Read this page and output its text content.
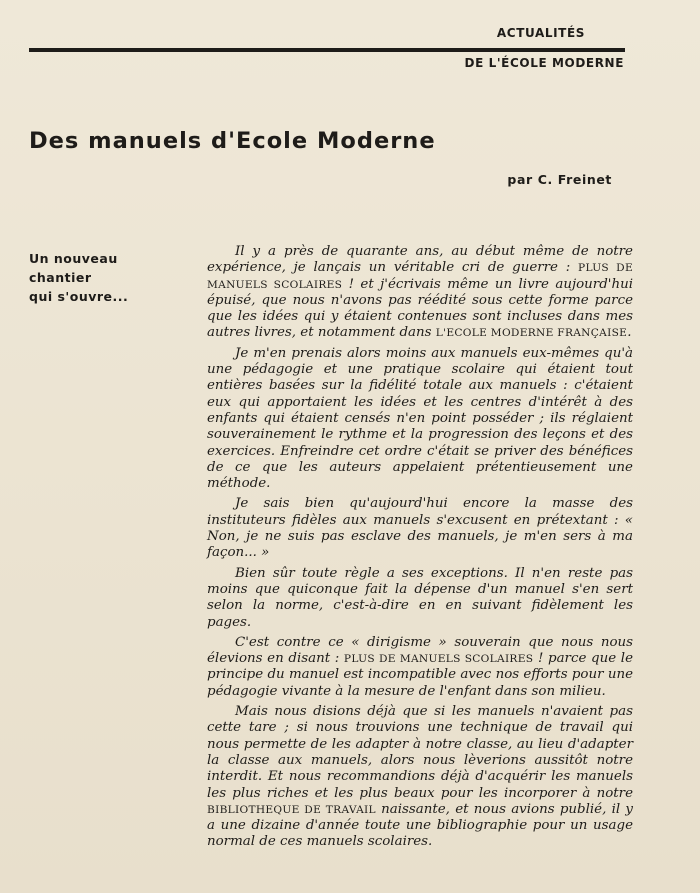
ACTUALITÉS
DE L'ÉCOLE MODERNE
Des manuels d'Ecole Moderne
par C. Freinet
Un nouveau
chantier
qui s'ouvre...

Il y a près de quarante ans, au début même de notre expérience, je lançais un véritable cri de guerre : PLUS DE MANUELS SCOLAIRES ! et j'écrivais même un livre aujourd'hui épuisé, que nous n'avons pas réédité sous cette forme parce que les idées qui y étaient contenues sont incluses dans mes autres livres, et notamment dans L'ECOLE MODERNE FRANÇAISE.

Je m'en prenais alors moins aux manuels eux-mêmes qu'à une pédagogie et une pratique scolaire qui étaient tout entières basées sur la fidélité totale aux manuels : c'étaient eux qui apportaient les idées et les centres d'intérêt à des enfants qui étaient censés n'en point posséder ; ils réglaient souverainement le rythme et la progression des leçons et des exercices. Enfreindre cet ordre c'était se priver des bénéfices de ce que les auteurs appelaient prétentieusement une méthode.

Je sais bien qu'aujourd'hui encore la masse des instituteurs fidèles aux manuels s'excusent en prétextant : « Non, je ne suis pas esclave des manuels, je m'en sers à ma façon... »

Bien sûr toute règle a ses exceptions. Il n'en reste pas moins que quiconque fait la dépense d'un manuel s'en sert selon la norme, c'est-à-dire en en suivant fidèlement les pages.

C'est contre ce « dirigisme » souverain que nous nous élevions en disant : PLUS DE MANUELS SCOLAIRES ! parce que le principe du manuel est incompatible avec nos efforts pour une pédagogie vivante à la mesure de l'enfant dans son milieu.

Mais nous disions déjà que si les manuels n'avaient pas cette tare ; si nous trouvions une technique de travail qui nous permette de les adapter à notre classe, au lieu d'adapter la classe aux manuels, alors nous lèverions aussitôt notre interdit. Et nous recommandions déjà d'acquérir les manuels les plus riches et les plus beaux pour les incorporer à notre BIBLIOTHEQUE DE TRAVAIL naissante, et nous avions publié, il y a une dizaine d'année toute une bibliographie pour un usage normal de ces manuels scolaires.
